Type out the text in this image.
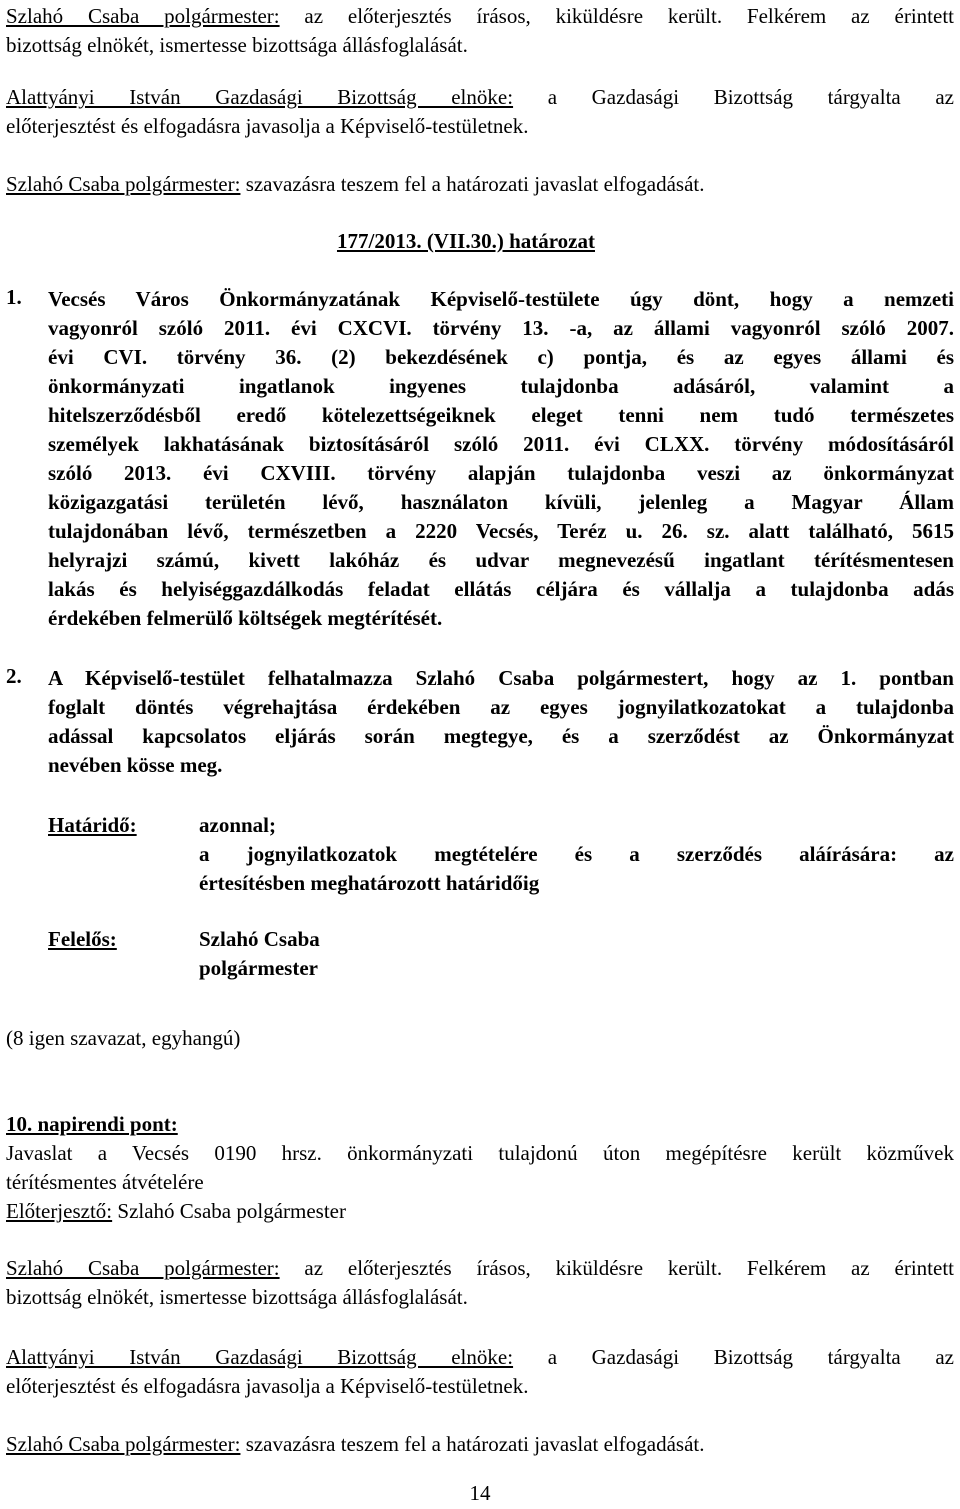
Szlahó Csaba polgármester: az előterjesztés írásos, kiküldésre került. Felkérem az érintett

bizottság elnökét, ismertesse bizottsága állásfoglalását.

Alattyányi István Gazdasági Bizottság elnöke: a Gazdasági Bizottság tárgyalta az

előterjesztést és elfogadásra javasolja a Képviselő-testületnek.

Szlahó Csaba polgármester: szavazásra teszem fel a határozati javaslat elfogadását.

177/2013. (VII.30.) határozat

1. Vecsés Város Önkormányzatának Képviselő-testülete úgy dönt, hogy a nemzeti

vagyonról szóló 2011. évi CXCVI. törvény 13. -a, az állami vagyonról szóló 2007.

évi CVI. törvény 36. (2) bekezdésének c) pontja, és az egyes állami és

önkormányzati ingatlanok ingyenes tulajdonba adásáról, valamint a

hitelszerződésből eredő kötelezettségeiknek eleget tenni nem tudó természetes

személyek lakhatásának biztosításáról szóló 2011. évi CLXX. törvény módosításáról

szóló 2013. évi CXVIII. törvény alapján tulajdonba veszi az önkormányzat

közigazgatási területén lévő, használaton kívüli, jelenleg a Magyar Állam

tulajdonában lévő, természetben a 2220 Vecsés, Teréz u. 26. sz. alatt található, 5615

helyrajzi számú, kivett lakóház és udvar megnevezésű ingatlant térítésmentesen

lakás és helyiséggazdálkodás feladat ellátás céljára és vállalja a tulajdonba adás

érdekében felmerülő költségek megtérítését.

2. A Képviselő-testület felhatalmazza Szlahó Csaba polgármestert, hogy az 1. pontban

foglalt döntés végrehajtása érdekében az egyes jognyilatkozatokat a tulajdonba

adással kapcsolatos eljárás során megtegye, és a szerződést az Önkormányzat

nevében kösse meg.

Határidő:	azonnal;

a jognyilatkozatok megtételére és a szerződés aláírására: az

értesítésben meghatározott határidőig

Felelős:	Szlahó Csaba

polgármester

(8 igen szavazat, egyhangú)

10. napirendi pont:

Javaslat a Vecsés 0190 hrsz. önkormányzati tulajdonú úton megépítésre került közművek

térítésmentes átvételére

Előterjesztő: Szlahó Csaba polgármester

Szlahó Csaba polgármester: az előterjesztés írásos, kiküldésre került. Felkérem az érintett

bizottság elnökét, ismertesse bizottsága állásfoglalását.

Alattyányi István Gazdasági Bizottság elnöke: a Gazdasági Bizottság tárgyalta az

előterjesztést és elfogadásra javasolja a Képviselő-testületnek.

Szlahó Csaba polgármester: szavazásra teszem fel a határozati javaslat elfogadását.

14
